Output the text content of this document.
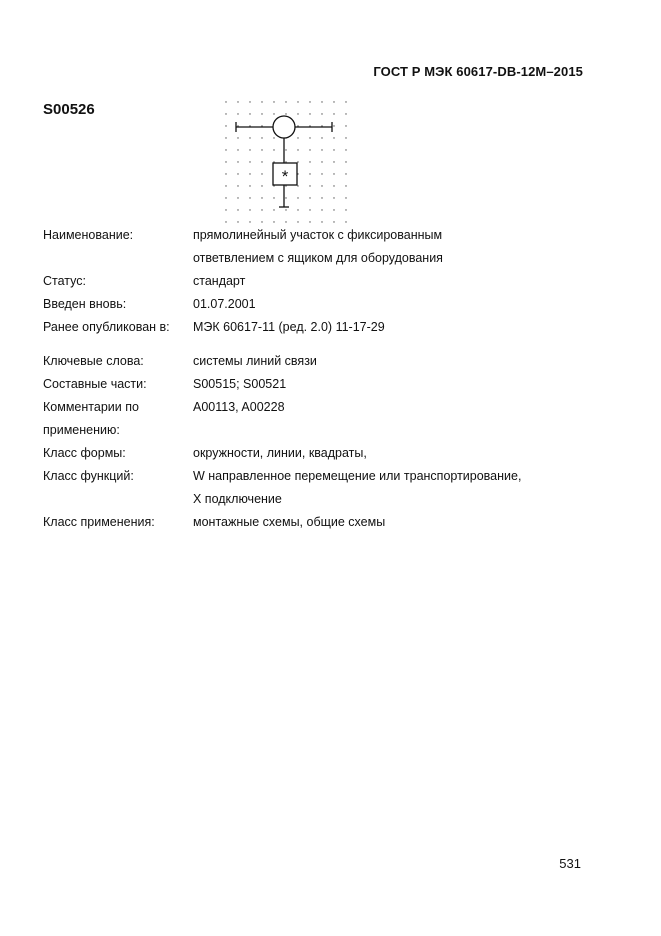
ГОСТ Р МЭК 60617-DB-12M–2015
S00526
*
Наименование:	прямолинейный участок с фиксированным
ответвлением с ящиком для оборудования
Статус:	стандарт
Введен вновь:	01.07.2001
Ранее опубликован в: МЭК 60617-11 (ред. 2.0) 11-17-29
Ключевые слова:	системы линий связи
Составные части:	S00515; S00521
Комментарии по	A00113, A00228
применению:
Класс формы:	окружности, линии, квадраты,
Класс функций:	W направленное перемещение или транспортирование,
X подключение
Класс применения:	монтажные схемы, общие схемы
531
